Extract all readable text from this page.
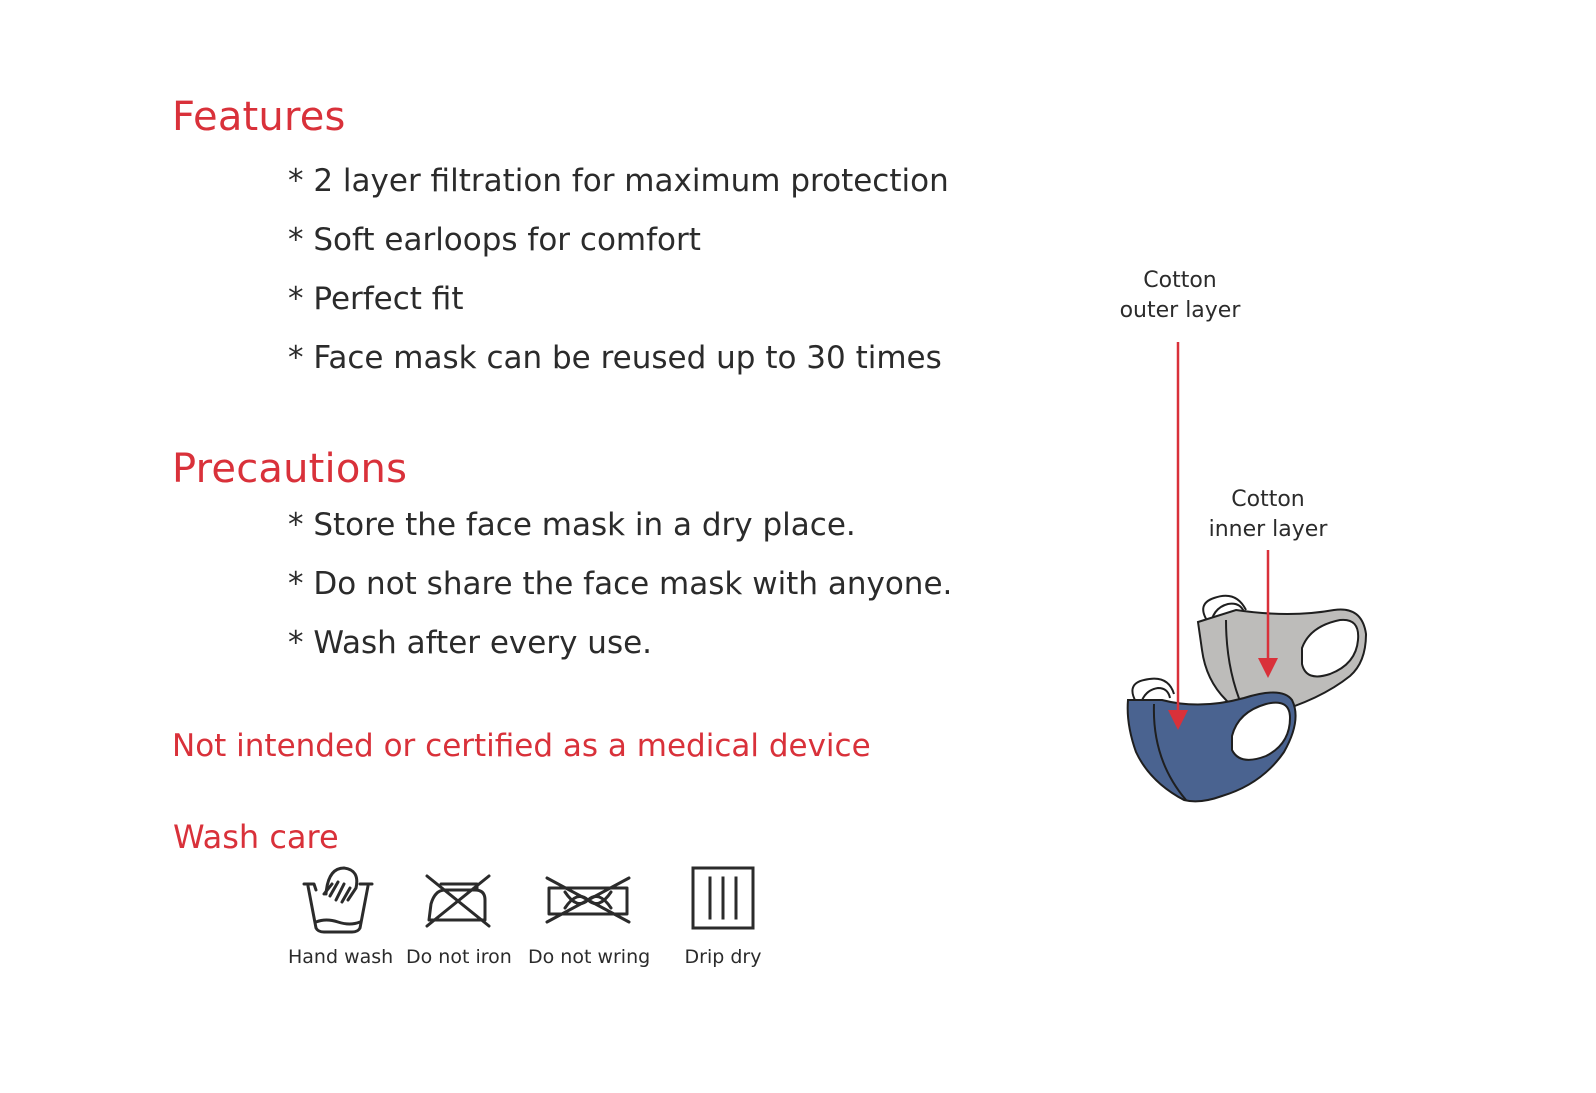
Features
* 2 layer filtration for maximum protection
* Soft earloops for comfort
* Perfect fit
* Face mask can be reused up to 30 times
Precautions
* Store the face mask in a dry place.
* Do not share the face mask with anyone.
* Wash after every use.
Not intended or certified as a medical device
Wash care
Hand wash Do not iron Do not wring Drip dry
Cotton
outer layer
Cotton
inner layer
